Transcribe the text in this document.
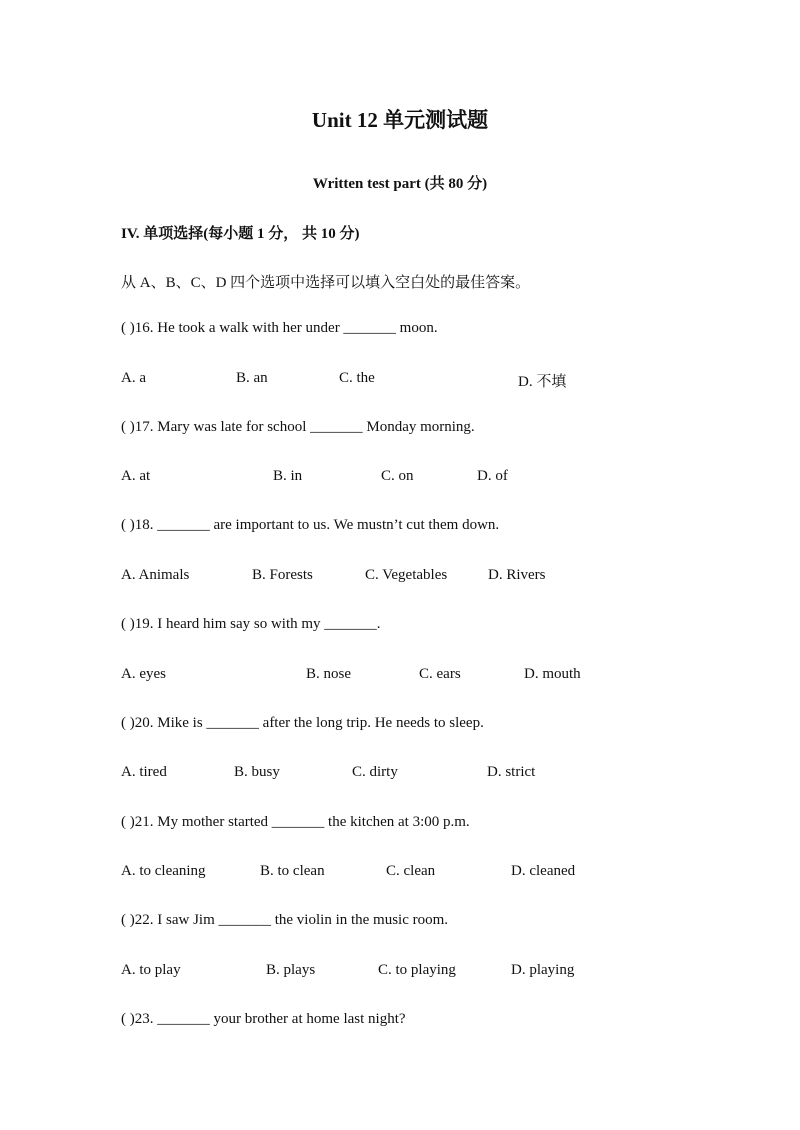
Unit 12 单元测试题
Written test part (共 80 分)
IV. 单项选择(每小题 1 分， 共 10 分)
从 A、B、C、D 四个选项中选择可以填入空白处的最佳答案。
( )16. He took a walk with her under _______ moon.
A. a	B. an	C. the	D. 不填
( )17. Mary was late for school _______ Monday morning.
A. at	B. in	C. on	D. of
( )18. _______ are important to us. We mustn’t cut them down.
A. Animals	B. Forests	C. Vegetables	D. Rivers
( )19. I heard him say so with my _______.
A. eyes	B. nose	C. ears	D. mouth
( )20. Mike is _______ after the long trip. He needs to sleep.
A. tired	B. busy	C. dirty	D. strict
( )21. My mother started _______ the kitchen at 3:00 p.m.
A. to cleaning	B. to clean	C. clean	D. cleaned
( )22. I saw Jim _______ the violin in the music room.
A. to play	B. plays	C. to playing	D. playing
( )23. _______ your brother at home last night?
